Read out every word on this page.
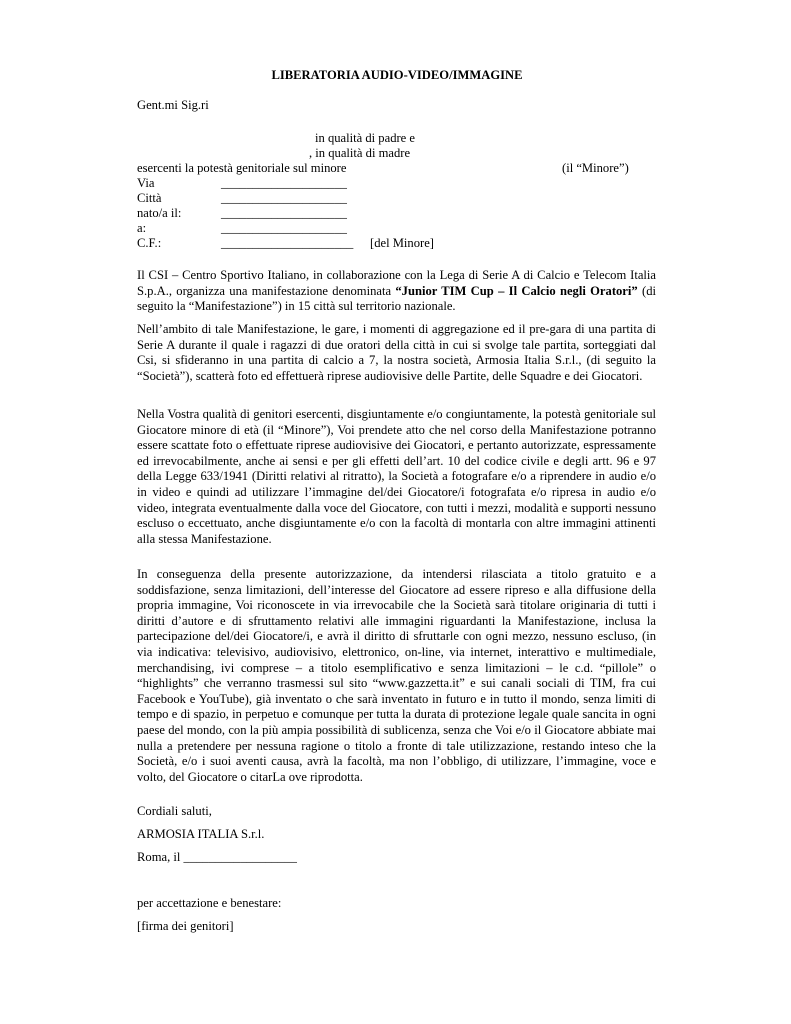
LIBERATORIA AUDIO-VIDEO/IMMAGINE
Gent.mi Sig.ri
in qualità di padre e
, in qualità di madre
esercenti la potestà genitoriale sul minore	(il “Minore”)
Via	____________________
Città	____________________
nato/a il:	____________________
a:	____________________
C.F.:	_____________________ [del Minore]

Il CSI – Centro Sportivo Italiano, in collaborazione con la Lega di Serie A di Calcio e Telecom Italia S.p.A., organizza una manifestazione denominata “Junior TIM Cup – Il Calcio negli Oratori” (di seguito la “Manifestazione”) in 15 città sul territorio nazionale.

Nell’ambito di tale Manifestazione, le gare, i momenti di aggregazione ed il pre-gara di una partita di Serie A durante il quale i ragazzi di due oratori della città in cui si svolge tale partita, sorteggiati dal Csi, si sfideranno in una partita di calcio a 7, la nostra società, Armosia Italia S.r.l., (di seguito la “Società”), scatterà foto ed effettuerà riprese audiovisive delle Partite, delle Squadre e dei Giocatori.

Nella Vostra qualità di genitori esercenti, disgiuntamente e/o congiuntamente, la potestà genitoriale sul Giocatore minore di età (il “Minore”), Voi prendete atto che nel corso della Manifestazione potranno essere scattate foto o effettuate riprese audiovisive dei Giocatori, e pertanto autorizzate, espressamente ed irrevocabilmente, anche ai sensi e per gli effetti dell’art. 10 del codice civile e degli artt. 96 e 97 della Legge 633/1941 (Diritti relativi al ritratto), la Società a fotografare e/o a riprendere in audio e/o in video e quindi ad utilizzare l’immagine del/dei Giocatore/i fotografata e/o ripresa in audio e/o video, integrata eventualmente dalla voce del Giocatore, con tutti i mezzi, modalità e supporti nessuno escluso o eccettuato, anche disgiuntamente e/o con la facoltà di montarla con altre immagini attinenti alla stessa Manifestazione.

In conseguenza della presente autorizzazione, da intendersi rilasciata a titolo gratuito e a soddisfazione, senza limitazioni, dell’interesse del Giocatore ad essere ripreso e alla diffusione della propria immagine, Voi riconoscete in via irrevocabile che la Società sarà titolare originaria di tutti i diritti d’autore e di sfruttamento relativi alle immagini riguardanti la Manifestazione, inclusa la partecipazione del/dei Giocatore/i, e avrà il diritto di sfruttarle con ogni mezzo, nessuno escluso, (in via indicativa: televisivo, audiovisivo, elettronico, on-line, via internet, interattivo e multimediale, merchandising, ivi comprese – a titolo esemplificativo e senza limitazioni – le c.d. “pillole” o “highlights” che verranno trasmessi sul sito “www.gazzetta.it” e sui canali sociali di TIM, fra cui Facebook e YouTube), già inventato o che sarà inventato in futuro e in tutto il mondo, senza limiti di tempo e di spazio, in perpetuo e comunque per tutta la durata di protezione legale quale sancita in ogni paese del mondo, con la più ampia possibilità di sublicenza, senza che Voi e/o il Giocatore abbiate mai nulla a pretendere per nessuna ragione o titolo a fronte di tale utilizzazione, restando inteso che la Società, e/o i suoi aventi causa, avrà la facoltà, ma non l’obbligo, di utilizzare, l’immagine, voce e volto, del Giocatore o citarLa ove riprodotta.

Cordiali saluti,
ARMOSIA ITALIA S.r.l.
Roma, il __________________
per accettazione e benestare:
[firma dei genitori]
